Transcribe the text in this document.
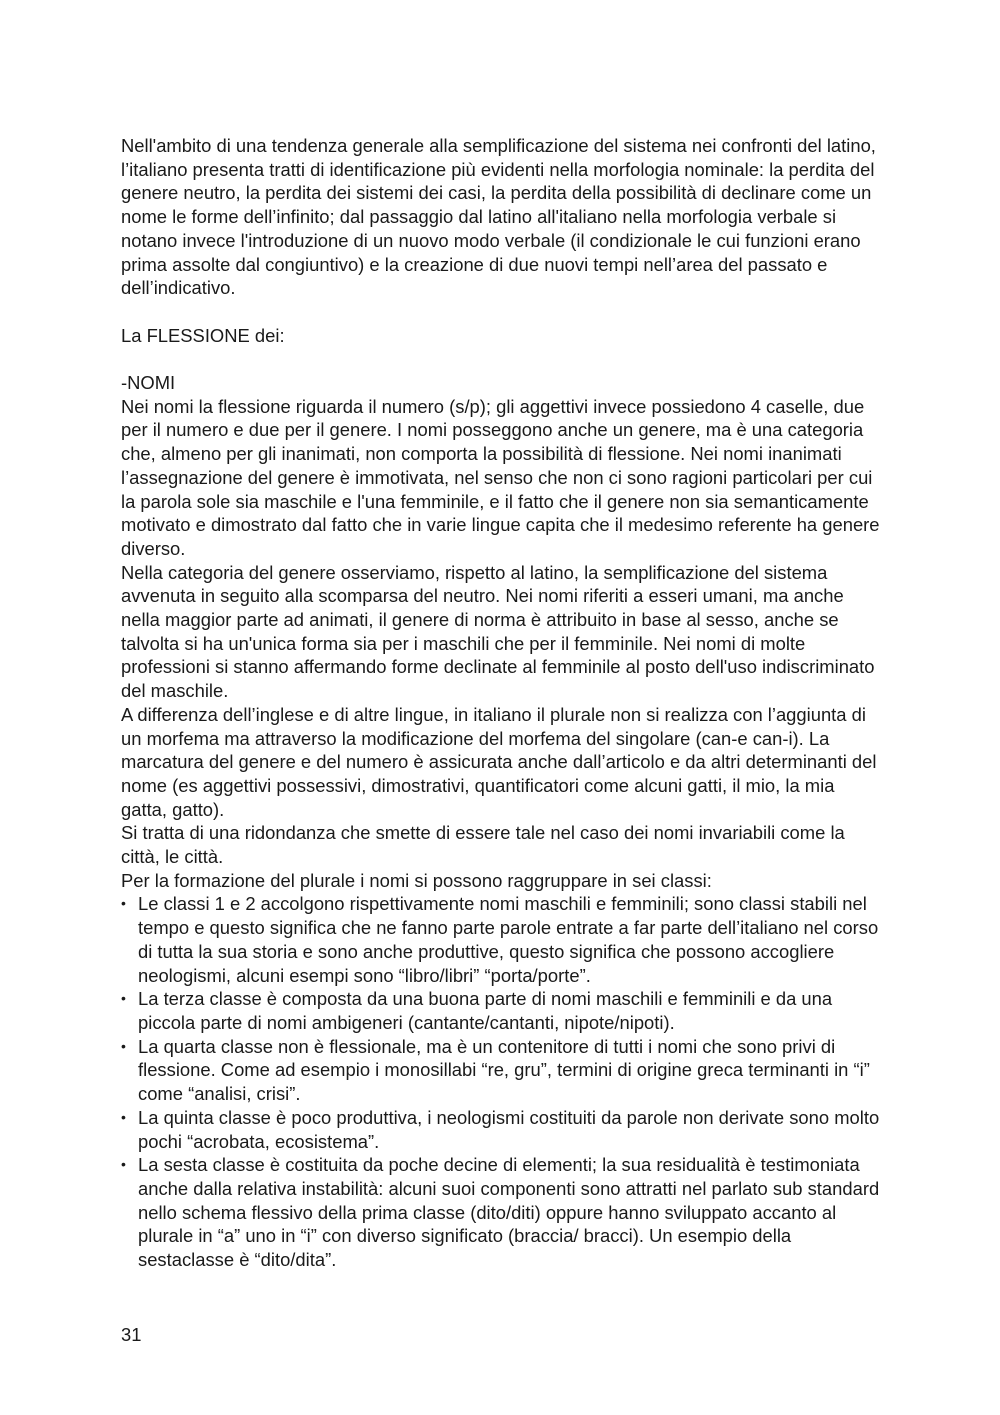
Nell'ambito di una tendenza generale alla semplificazione del sistema nei confronti del latino, l’italiano presenta tratti di identificazione più evidenti nella morfologia nominale: la perdita del genere neutro, la perdita dei sistemi dei casi, la perdita della possibilità di declinare come un nome le forme dell’infinito; dal passaggio dal latino all'italiano nella morfologia verbale si notano invece l'introduzione di un nuovo modo verbale (il condizionale le cui funzioni erano prima assolte dal congiuntivo) e la creazione di due nuovi tempi nell’area del passato e dell’indicativo.

La FLESSIONE dei:

-NOMI

Nei nomi la flessione riguarda il numero (s/p); gli aggettivi invece possiedono 4 caselle, due per il numero e due per il genere. I nomi posseggono anche un genere, ma è una categoria che, almeno per gli inanimati, non comporta la possibilità di flessione. Nei nomi inanimati l’assegnazione del genere è immotivata, nel senso che non ci sono ragioni particolari per cui la parola sole sia maschile e l'una femminile, e il fatto che il genere non sia semanticamente motivato e dimostrato dal fatto che in varie lingue capita che il medesimo referente ha genere diverso.

Nella categoria del genere osserviamo, rispetto al latino, la semplificazione del sistema avvenuta in seguito alla scomparsa del neutro. Nei nomi riferiti a esseri umani, ma anche nella maggior parte ad animati, il genere di norma è attribuito in base al sesso, anche se talvolta si ha un'unica forma sia per i maschili che per il femminile. Nei nomi di molte professioni si stanno affermando forme declinate al femminile al posto dell'uso indiscriminato del maschile.

A differenza dell’inglese e di altre lingue, in italiano il plurale non si realizza con l’aggiunta di un morfema ma attraverso la modificazione del morfema del singolare (can-e can-i). La marcatura del genere e del numero è assicurata anche dall’articolo e da altri determinanti del nome (es aggettivi possessivi, dimostrativi, quantificatori come alcuni gatti, il mio, la mia gatta, gatto).

Si tratta di una ridondanza che smette di essere tale nel caso dei nomi invariabili come la città, le città.

Per la formazione del plurale i nomi si possono raggruppare in sei classi:

• Le classi 1 e 2 accolgono rispettivamente nomi maschili e femminili; sono classi stabili nel tempo e questo significa che ne fanno parte parole entrate a far parte dell’italiano nel corso di tutta la sua storia e sono anche produttive, questo significa che possono accogliere neologismi, alcuni esempi sono “libro/libri” “porta/porte”.
• La terza classe è composta da una buona parte di nomi maschili e femminili e da una piccola parte di nomi ambigeneri (cantante/cantanti, nipote/nipoti).
• La quarta classe non è flessionale, ma è un contenitore di tutti i nomi che sono privi di flessione. Come ad esempio i monosillabi “re, gru”, termini di origine greca terminanti in “i” come “analisi, crisi”.
• La quinta classe è poco produttiva, i neologismi costituiti da parole non derivate sono molto pochi “acrobata, ecosistema”.
• La sesta classe è costituita da poche decine di elementi; la sua residualità è testimoniata anche dalla relativa instabilità: alcuni suoi componenti sono attratti nel parlato sub standard nello schema flessivo della prima classe (dito/diti) oppure hanno sviluppato accanto al plurale in “a” uno in “i” con diverso significato (braccia/ bracci). Un esempio della sestaclasse è “dito/dita”.
31
